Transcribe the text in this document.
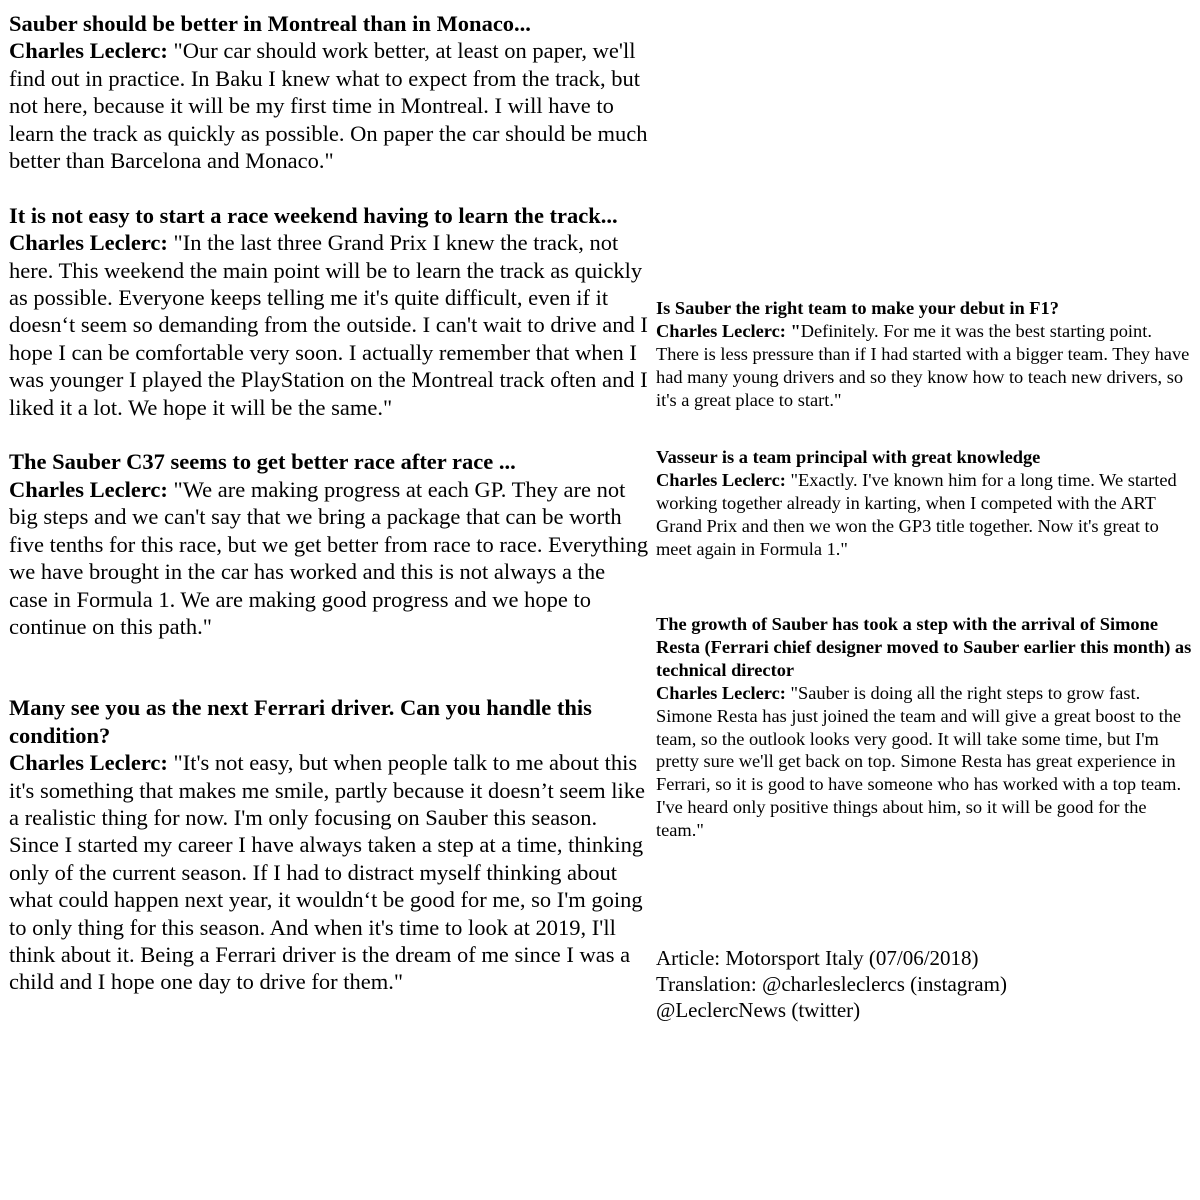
Sauber should be better in Montreal than in Monaco...
Charles Leclerc: "Our car should work better, at least on paper, we'll find out in practice. In Baku I knew what to expect from the track, but not here, because it will be my first time in Montreal. I will have to learn the track as quickly as possible. On paper the car should be much better than Barcelona and Monaco."

It is not easy to start a race weekend having to learn the track...
Charles Leclerc: "In the last three Grand Prix I knew the track, not here. This weekend the main point will be to learn the track as quickly as possible. Everyone keeps telling me it's quite difficult, even if it doesn‘t seem so demanding from the outside. I can't wait to drive and I hope I can be comfortable very soon. I actually remember that when I was younger I played the PlayStation on the Montreal track often and I liked it a lot. We hope it will be the same."

The Sauber C37 seems to get better race after race ...
Charles Leclerc: "We are making progress at each GP. They are not big steps and we can't say that we bring a package that can be worth five tenths for this race, but we get better from race to race. Everything we have brought in the car has worked and this is not always a the case in Formula 1. We are making good progress and we hope to continue on this path."

Many see you as the next Ferrari driver. Can you handle this condition?
Charles Leclerc: "It's not easy, but when people talk to me about this it's something that makes me smile, partly because it doesn’t seem like a realistic thing for now. I'm only focusing on Sauber this season. Since I started my career I have always taken a step at a time, thinking only of the current season. If I had to distract myself thinking about what could happen next year, it wouldn‘t be good for me, so I'm going to only thing for this season. And when it's time to look at 2019, I'll think about it. Being a Ferrari driver is the dream of me since I was a child and I hope one day to drive for them."

Is Sauber the right team to make your debut in F1?
Charles Leclerc: "Definitely. For me it was the best starting point. There is less pressure than if I had started with a bigger team. They have had many young drivers and so they know how to teach new drivers, so it's a great place to start."

Vasseur is a team principal with great knowledge
Charles Leclerc: "Exactly. I've known him for a long time. We started working together already in karting, when I competed with the ART Grand Prix and then we won the GP3 title together. Now it's great to meet again in Formula 1."

The growth of Sauber has took a step with the arrival of Simone Resta (Ferrari chief designer moved to Sauber earlier this month) as technical director
Charles Leclerc: "Sauber is doing all the right steps to grow fast. Simone Resta has just joined the team and will give a great boost to the team, so the outlook looks very good. It will take some time, but I'm pretty sure we'll get back on top. Simone Resta has great experience in Ferrari, so it is good to have someone who has worked with a top team. I've heard only positive things about him, so it will be good for the team."

Article: Motorsport Italy (07/06/2018)
Translation: @charlesleclercs (instagram)
@LeclercNews (twitter)
